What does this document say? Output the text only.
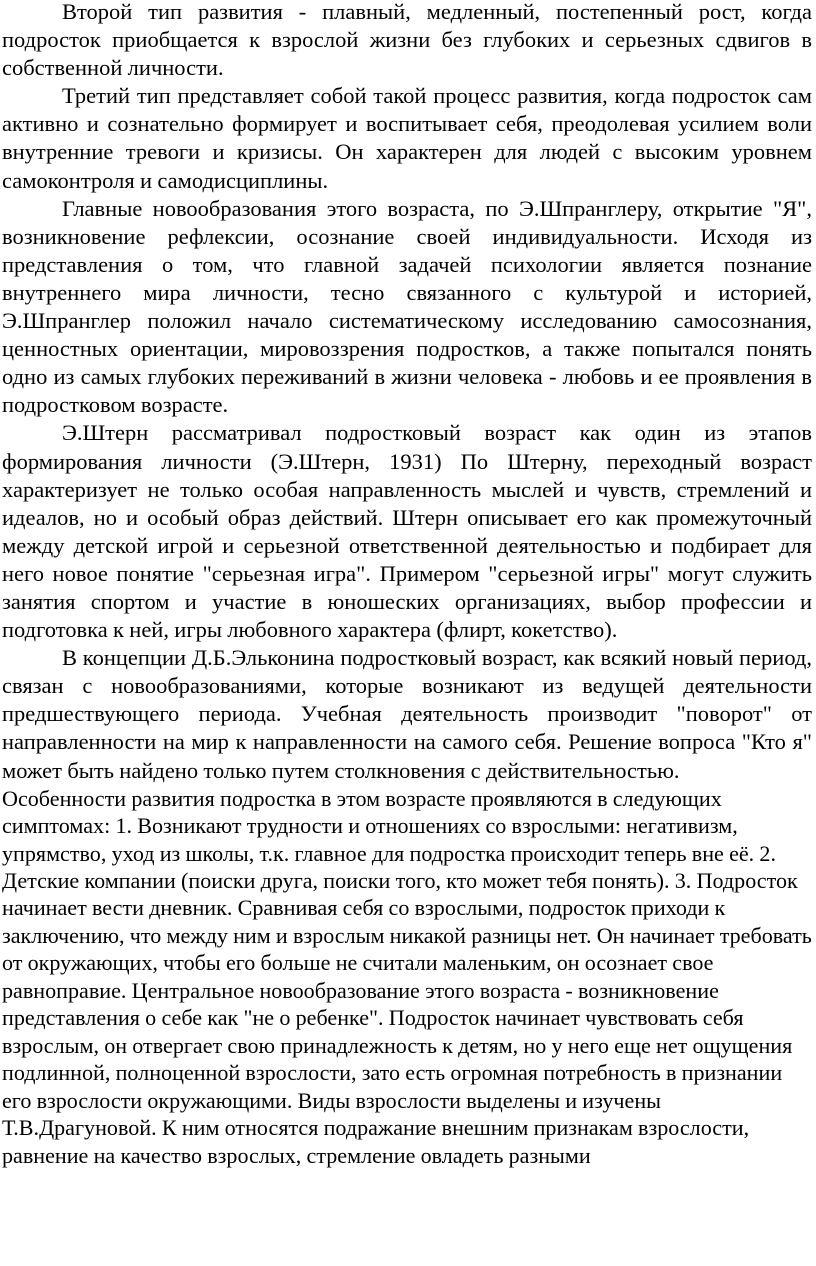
Второй тип развития - плавный, медленный, постепенный рост, когда подросток приобщается к взрослой жизни без глубоких и серьезных сдвигов в собственной личности.

Третий тип представляет собой такой процесс развития, когда подросток сам активно и сознательно формирует и воспитывает себя, преодолевая усилием воли внутренние тревоги и кризисы. Он характерен для людей с высоким уровнем самоконтроля и самодисциплины.

Главные новообразования этого возраста, по Э.Шпранглеру, открытие "Я", возникновение рефлексии, осознание своей индивидуальности. Исходя из представления о том, что главной задачей психологии является познание внутреннего мира личности, тесно связанного с культурой и историей, Э.Шпранглер положил начало систематическому исследованию самосознания, ценностных ориентации, мировоззрения подростков, а также попытался понять одно из самых глубоких переживаний в жизни человека - любовь и ее проявления в подростковом возрасте.

Э.Штерн рассматривал подростковый возраст как один из этапов формирования личности (Э.Штерн, 1931) По Штерну, переходный возраст характеризует не только особая направленность мыслей и чувств, стремлений и идеалов, но и особый образ действий. Штерн описывает его как промежуточный между детской игрой и серьезной ответственной деятельностью и подбирает для него новое понятие "серьезная игра". Примером "серьезной игры" могут служить занятия спортом и участие в юношеских организациях, выбор профессии и подготовка к ней, игры любовного характера (флирт, кокетство).

В концепции Д.Б.Эльконина подростковый возраст, как всякий новый период, связан с новообразованиями, которые возникают из ведущей деятельности предшествующего периода. Учебная деятельность производит "поворот" от направленности на мир к направленности на самого себя. Решение вопроса "Кто я" может быть найдено только путем столкновения с действительностью.

Особенности развития подростка в этом возрасте проявляются в следующих симптомах: 1. Возникают трудности и отношениях со взрослыми: негативизм, упрямство, уход из школы, т.к. главное для подростка происходит теперь вне её. 2. Детские компании (поиски друга, поиски того, кто может тебя понять). 3. Подросток начинает вести дневник. Сравнивая себя со взрослыми, подросток приходи к заключению, что между ним и взрослым никакой разницы нет. Он начинает требовать от окружающих, чтобы его больше не считали маленьким, он осознает свое равноправие. Центральное новообразование этого возраста - возникновение представления о себе как "не о ребенке". Подросток начинает чувствовать себя взрослым, он отвергает свою принадлежность к детям, но у него еще нет ощущения подлинной, полноценной взрослости, зато есть огромная потребность в признании его взрослости окружающими. Виды взрослости выделены и изучены Т.В.Драгуновой. К ним относятся подражание внешним признакам взрослости, равнение на качество взрослых, стремление овладеть разными
